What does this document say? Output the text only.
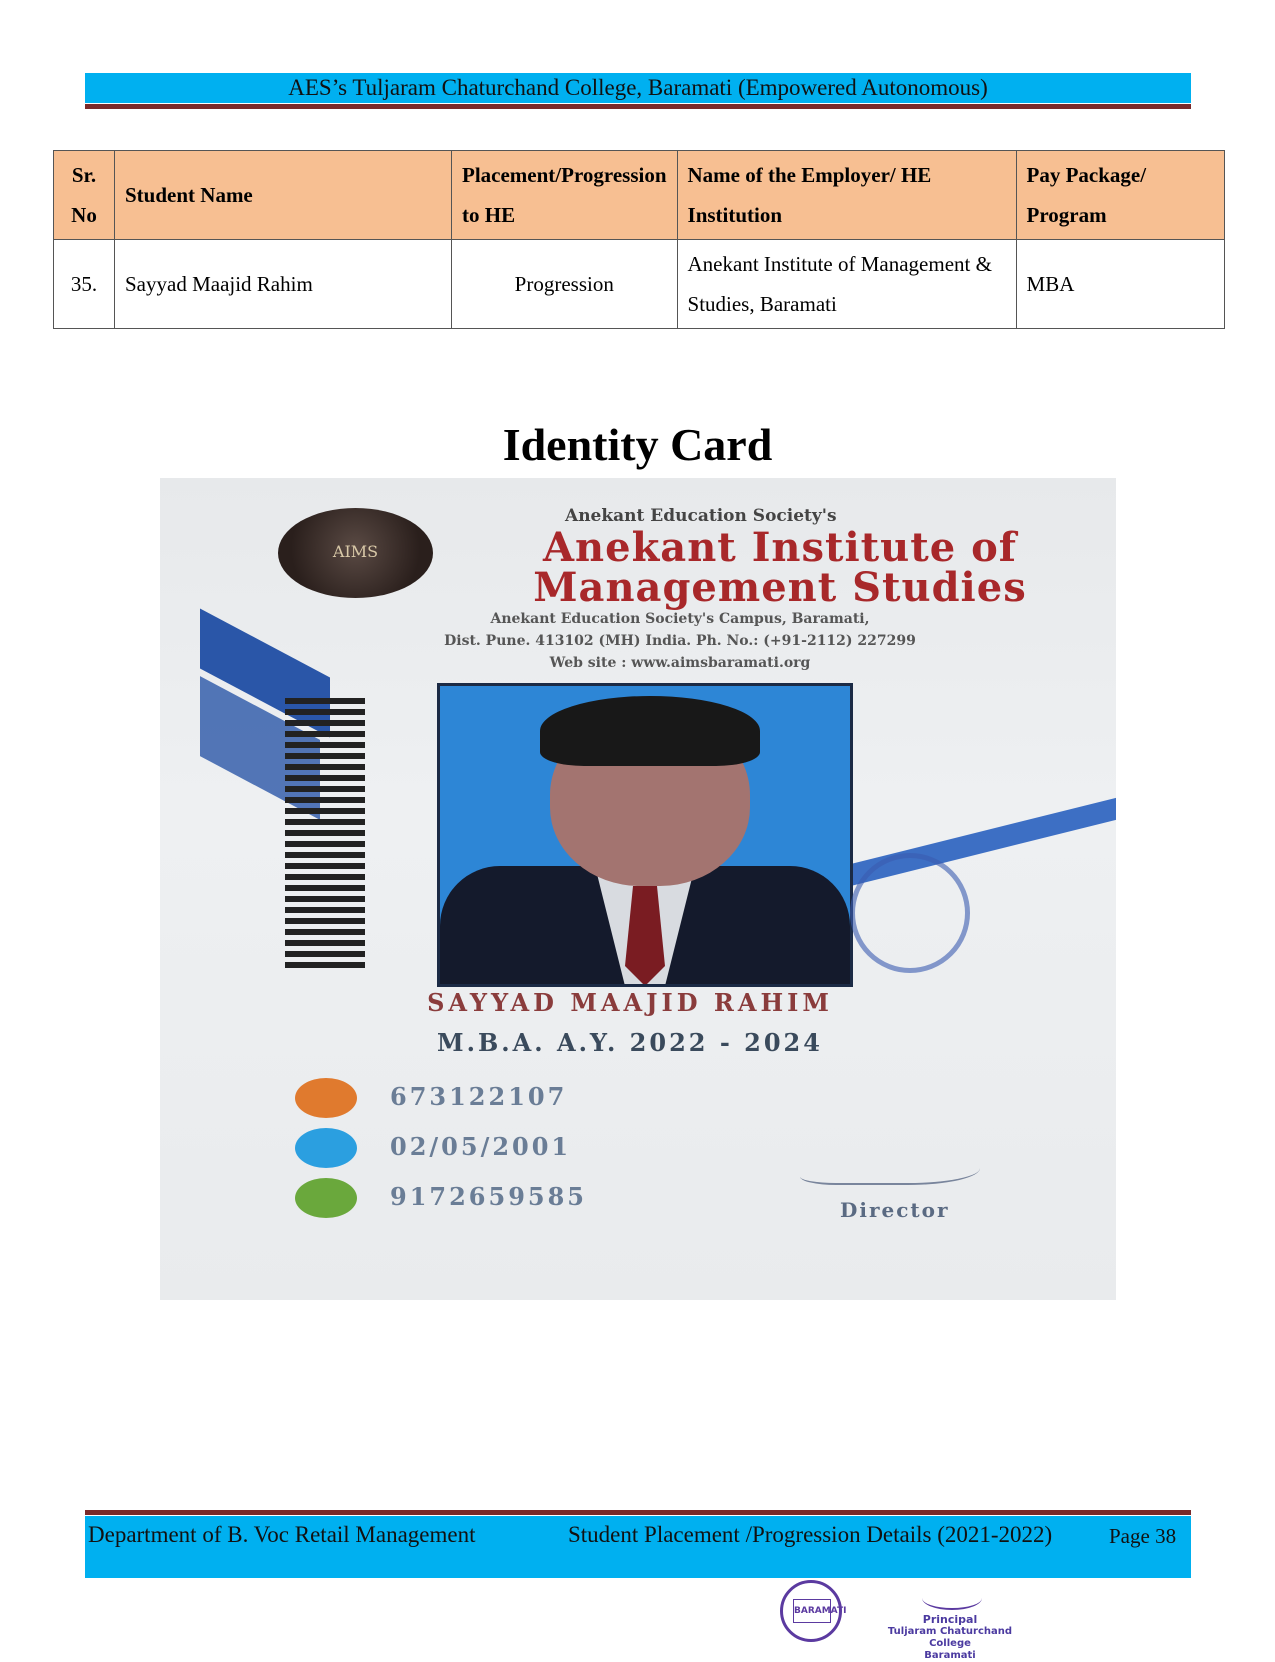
AES’s Tuljaram Chaturchand College, Baramati (Empowered Autonomous)
Sr. No	Student Name	Placement/Progression to HE	Name of the Employer/ HE Institution	Pay Package/ Program
35.	Sayyad Maajid Rahim	Progression	Anekant Institute of Management & Studies, Baramati	MBA
Identity Card
AIMS
Anekant Education Society's
Anekant Institute of
Management Studies
Anekant Education Society's Campus, Baramati,
Dist. Pune. 413102 (MH) India. Ph. No.: (+91-2112) 227299
Web site : www.aimsbaramati.org
SAYYAD MAAJID RAHIM
M.B.A. A.Y. 2022 - 2024
673122107
02/05/2001
9172659585	Director
Department of B. Voc Retail Management	Student Placement /Progression Details (2021-2022)	Page 38
BARAMATI
Principal
Tuljaram Chaturchand College
Baramati
